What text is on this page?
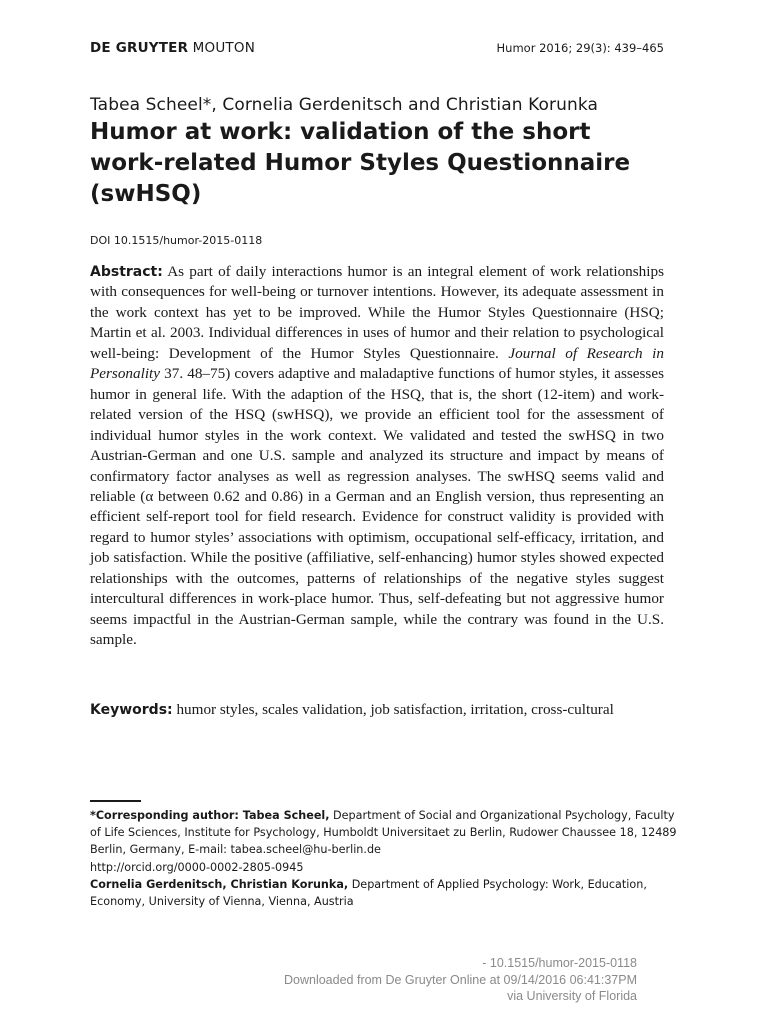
DE GRUYTER MOUTON	Humor 2016; 29(3): 439–465
Tabea Scheel*, Cornelia Gerdenitsch and Christian Korunka
Humor at work: validation of the short work-related Humor Styles Questionnaire (swHSQ)
DOI 10.1515/humor-2015-0118
Abstract: As part of daily interactions humor is an integral element of work relationships with consequences for well-being or turnover intentions. However, its adequate assessment in the work context has yet to be improved. While the Humor Styles Questionnaire (HSQ; Martin et al. 2003. Individual differences in uses of humor and their relation to psychological well-being: Development of the Humor Styles Questionnaire. Journal of Research in Personality 37. 48–75) covers adaptive and maladaptive functions of humor styles, it assesses humor in general life. With the adaption of the HSQ, that is, the short (12-item) and work-related version of the HSQ (swHSQ), we provide an efficient tool for the assessment of individual humor styles in the work context. We validated and tested the swHSQ in two Austrian-German and one U.S. sample and analyzed its structure and impact by means of confirmatory factor analyses as well as regression analyses. The swHSQ seems valid and reliable (α between 0.62 and 0.86) in a German and an English version, thus representing an efficient self-report tool for field research. Evidence for construct validity is provided with regard to humor styles’ associations with optimism, occupational self-efficacy, irritation, and job satisfaction. While the positive (affiliative, self-enhancing) humor styles showed expected relationships with the outcomes, patterns of relationships of the negative styles suggest intercultural differences in work-place humor. Thus, self-defeating but not aggressive humor seems impactful in the Austrian-German sample, while the contrary was found in the U.S. sample.
Keywords: humor styles, scales validation, job satisfaction, irritation, cross-cultural
*Corresponding author: Tabea Scheel, Department of Social and Organizational Psychology, Faculty of Life Sciences, Institute for Psychology, Humboldt Universitaet zu Berlin, Rudower Chaussee 18, 12489 Berlin, Germany, E-mail: tabea.scheel@hu-berlin.de
http://orcid.org/0000-0002-2805-0945
Cornelia Gerdenitsch, Christian Korunka, Department of Applied Psychology: Work, Education, Economy, University of Vienna, Vienna, Austria
- 10.1515/humor-2015-0118
Downloaded from De Gruyter Online at 09/14/2016 06:41:37PM
via University of Florida
